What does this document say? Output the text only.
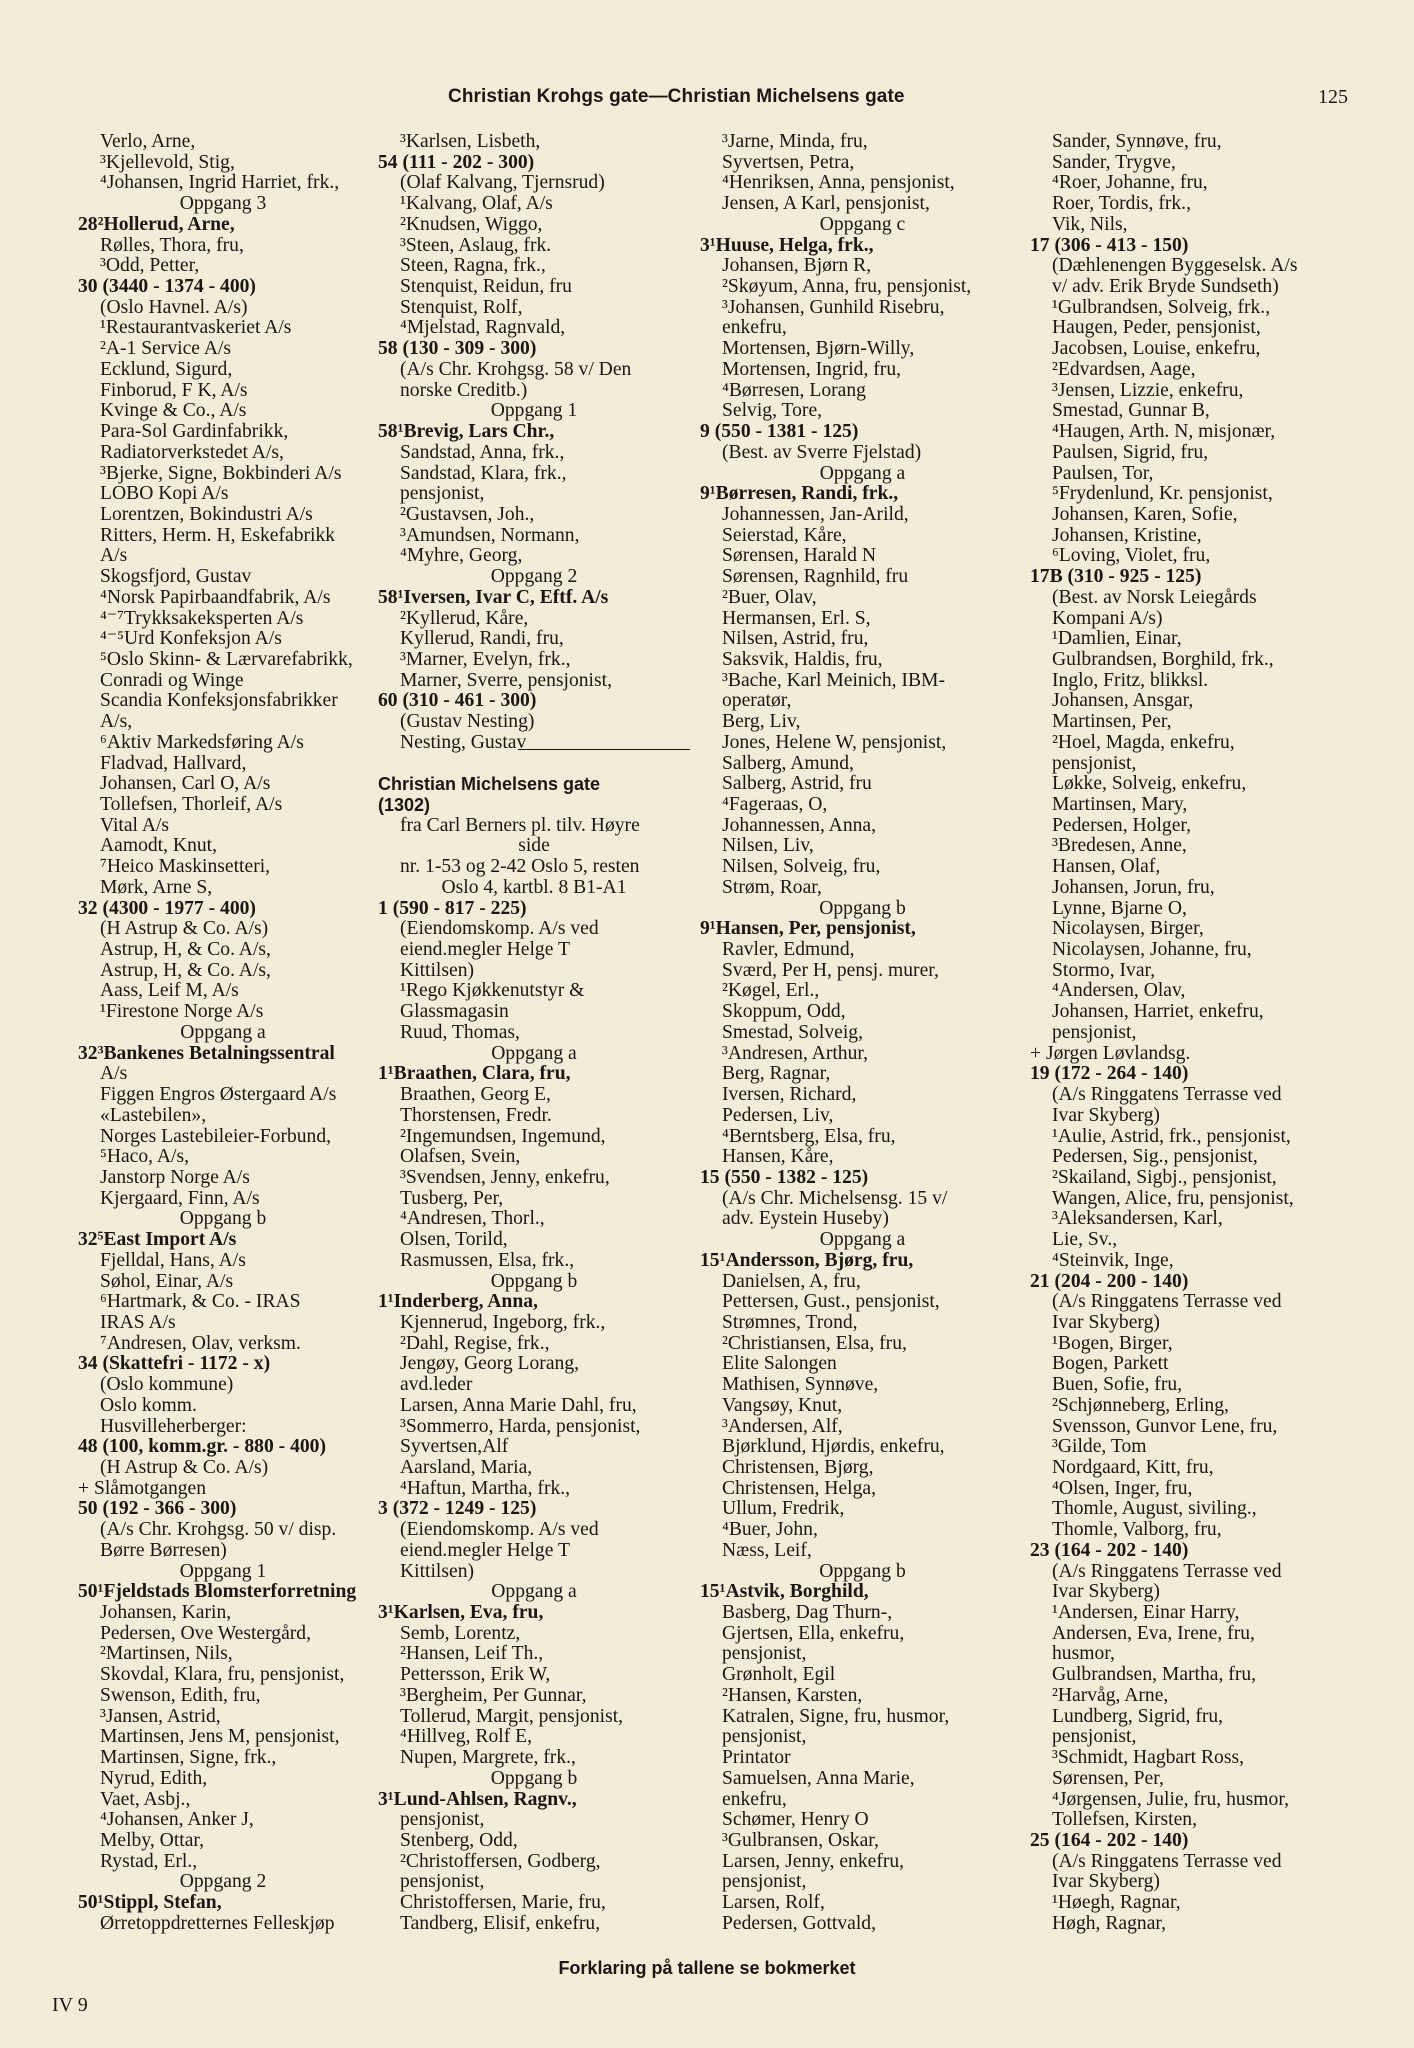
Christian Krohgs gate—Christian Michelsens gate	125
Verlo, Arne,
³Kjellevold, Stig,
⁴Johansen, Ingrid Harriet, frk.,
Oppgang 3
28²Hollerud, Arne,
Rølles, Thora, fru,
³Odd, Petter,
30 (3440 - 1374 - 400)
(Oslo Havnel. A/s)
¹Restaurantvaskeriet A/s
²A-1 Service A/s
Ecklund, Sigurd,
Finborud, F K, A/s
Kvinge & Co., A/s
Para-Sol Gardinfabrikk,
Radiatorverkstedet A/s,
³Bjerke, Signe, Bokbinderi A/s
LOBO Kopi A/s
Lorentzen, Bokindustri A/s
Ritters, Herm. H, Eskefabrikk
A/s
Skogsfjord, Gustav
⁴Norsk Papirbaandfabrik, A/s
⁴⁻⁷Trykksakeksperten A/s
⁴⁻⁵Urd Konfeksjon A/s
⁵Oslo Skinn- & Lærvarefabrikk,
Conradi og Winge
Scandia Konfeksjonsfabrikker
A/s,
⁶Aktiv Markedsføring A/s
Fladvad, Hallvard,
Johansen, Carl O, A/s
Tollefsen, Thorleif, A/s
Vital A/s
Aamodt, Knut,
⁷Heico Maskinsetteri,
Mørk, Arne S,
32 (4300 - 1977 - 400)
(H Astrup & Co. A/s)
Astrup, H, & Co. A/s,
Astrup, H, & Co. A/s,
Aass, Leif M, A/s
¹Firestone Norge A/s
Oppgang a
32³Bankenes Betalningssentral
A/s
Figgen Engros Østergaard A/s
«Lastebilen»,
Norges Lastebileier-Forbund,
⁵Haco, A/s,
Janstorp Norge A/s
Kjergaard, Finn, A/s
Oppgang b
32⁵East Import A/s
Fjelldal, Hans, A/s
Søhol, Einar, A/s
⁶Hartmark, & Co. - IRAS
IRAS A/s
⁷Andresen, Olav, verksm.
34 (Skattefri - 1172 - x)
(Oslo kommune)
Oslo komm.
Husvilleherberger:
48 (100, komm.gr. - 880 - 400)
(H Astrup & Co. A/s)
+ Slåmotgangen
50 (192 - 366 - 300)
(A/s Chr. Krohgsg. 50 v/ disp.
Børre Børresen)
Oppgang 1
50¹Fjeldstads Blomsterforretning
Johansen, Karin,
Pedersen, Ove Westergård,
²Martinsen, Nils,
Skovdal, Klara, fru, pensjonist,
Swenson, Edith, fru,
³Jansen, Astrid,
Martinsen, Jens M, pensjonist,
Martinsen, Signe, frk.,
Nyrud, Edith,
Vaet, Asbj.,
⁴Johansen, Anker J,
Melby, Ottar,
Rystad, Erl.,
Oppgang 2
50¹Stippl, Stefan,
Ørretoppdretternes Felleskjøp
³Karlsen, Lisbeth,
54 (111 - 202 - 300)
(Olaf Kalvang, Tjernsrud)
¹Kalvang, Olaf, A/s
²Knudsen, Wiggo,
³Steen, Aslaug, frk.
Steen, Ragna, frk.,
Stenquist, Reidun, fru
Stenquist, Rolf,
⁴Mjelstad, Ragnvald,
58 (130 - 309 - 300)
(A/s Chr. Krohgsg. 58 v/ Den
norske Creditb.)
Oppgang 1
58¹Brevig, Lars Chr.,
Sandstad, Anna, frk.,
Sandstad, Klara, frk.,
pensjonist,
²Gustavsen, Joh.,
³Amundsen, Normann,
⁴Myhre, Georg,
Oppgang 2
58¹Iversen, Ivar C, Eftf. A/s
²Kyllerud, Kåre,
Kyllerud, Randi, fru,
³Marner, Evelyn, frk.,
Marner, Sverre, pensjonist,
60 (310 - 461 - 300)
(Gustav Nesting)
Nesting, Gustav
Christian Michelsens gate
(1302)
fra Carl Berners pl. tilv. Høyre
side
nr. 1-53 og 2-42 Oslo 5, resten
Oslo 4, kartbl. 8 B1-A1
1 (590 - 817 - 225)
(Eiendomskomp. A/s ved
eiend.megler Helge T
Kittilsen)
¹Rego Kjøkkenutstyr &
Glassmagasin
Ruud, Thomas,
Oppgang a
1¹Braathen, Clara, fru,
Braathen, Georg E,
Thorstensen, Fredr.
²Ingemundsen, Ingemund,
Olafsen, Svein,
³Svendsen, Jenny, enkefru,
Tusberg, Per,
⁴Andresen, Thorl.,
Olsen, Torild,
Rasmussen, Elsa, frk.,
Oppgang b
1¹Inderberg, Anna,
Kjennerud, Ingeborg, frk.,
²Dahl, Regise, frk.,
Jengøy, Georg Lorang,
avd.leder
Larsen, Anna Marie Dahl, fru,
³Sommerro, Harda, pensjonist,
Syvertsen,Alf
Aarsland, Maria,
⁴Haftun, Martha, frk.,
3 (372 - 1249 - 125)
(Eiendomskomp. A/s ved
eiend.megler Helge T
Kittilsen)
Oppgang a
3¹Karlsen, Eva, fru,
Semb, Lorentz,
²Hansen, Leif Th.,
Pettersson, Erik W,
³Bergheim, Per Gunnar,
Tollerud, Margit, pensjonist,
⁴Hillveg, Rolf E,
Nupen, Margrete, frk.,
Oppgang b
3¹Lund-Ahlsen, Ragnv.,
pensjonist,
Stenberg, Odd,
²Christoffersen, Godberg,
pensjonist,
Christoffersen, Marie, fru,
Tandberg, Elisif, enkefru,
³Jarne, Minda, fru,
Syvertsen, Petra,
⁴Henriksen, Anna, pensjonist,
Jensen, A Karl, pensjonist,
Oppgang c
3¹Huuse, Helga, frk.,
Johansen, Bjørn R,
²Skøyum, Anna, fru, pensjonist,
³Johansen, Gunhild Risebru,
enkefru,
Mortensen, Bjørn-Willy,
Mortensen, Ingrid, fru,
⁴Børresen, Lorang
Selvig, Tore,
9 (550 - 1381 - 125)
(Best. av Sverre Fjelstad)
Oppgang a
9¹Børresen, Randi, frk.,
Johannessen, Jan-Arild,
Seierstad, Kåre,
Sørensen, Harald N
Sørensen, Ragnhild, fru
²Buer, Olav,
Hermansen, Erl. S,
Nilsen, Astrid, fru,
Saksvik, Haldis, fru,
³Bache, Karl Meinich, IBM-
operatør,
Berg, Liv,
Jones, Helene W, pensjonist,
Salberg, Amund,
Salberg, Astrid, fru
⁴Fageraas, O,
Johannessen, Anna,
Nilsen, Liv,
Nilsen, Solveig, fru,
Strøm, Roar,
Oppgang b
9¹Hansen, Per, pensjonist,
Ravler, Edmund,
Sværd, Per H, pensj. murer,
²Køgel, Erl.,
Skoppum, Odd,
Smestad, Solveig,
³Andresen, Arthur,
Berg, Ragnar,
Iversen, Richard,
Pedersen, Liv,
⁴Berntsberg, Elsa, fru,
Hansen, Kåre,
15 (550 - 1382 - 125)
(A/s Chr. Michelsensg. 15 v/
adv. Eystein Huseby)
Oppgang a
15¹Andersson, Bjørg, fru,
Danielsen, A, fru,
Pettersen, Gust., pensjonist,
Strømnes, Trond,
²Christiansen, Elsa, fru,
Elite Salongen
Mathisen, Synnøve,
Vangsøy, Knut,
³Andersen, Alf,
Bjørklund, Hjørdis, enkefru,
Christensen, Bjørg,
Christensen, Helga,
Ullum, Fredrik,
⁴Buer, John,
Næss, Leif,
Oppgang b
15¹Astvik, Borghild,
Basberg, Dag Thurn-,
Gjertsen, Ella, enkefru,
pensjonist,
Grønholt, Egil
²Hansen, Karsten,
Katralen, Signe, fru, husmor,
pensjonist,
Printator
Samuelsen, Anna Marie,
enkefru,
Schømer, Henry O
³Gulbransen, Oskar,
Larsen, Jenny, enkefru,
pensjonist,
Larsen, Rolf,
Pedersen, Gottvald,
Sander, Synnøve, fru,
Sander, Trygve,
⁴Roer, Johanne, fru,
Roer, Tordis, frk.,
Vik, Nils,
17 (306 - 413 - 150)
(Dæhlenengen Byggeselsk. A/s
v/ adv. Erik Bryde Sundseth)
¹Gulbrandsen, Solveig, frk.,
Haugen, Peder, pensjonist,
Jacobsen, Louise, enkefru,
²Edvardsen, Aage,
³Jensen, Lizzie, enkefru,
Smestad, Gunnar B,
⁴Haugen, Arth. N, misjonær,
Paulsen, Sigrid, fru,
Paulsen, Tor,
⁵Frydenlund, Kr. pensjonist,
Johansen, Karen, Sofie,
Johansen, Kristine,
⁶Loving, Violet, fru,
17B (310 - 925 - 125)
(Best. av Norsk Leiegårds
Kompani A/s)
¹Damlien, Einar,
Gulbrandsen, Borghild, frk.,
Inglo, Fritz, blikksl.
Johansen, Ansgar,
Martinsen, Per,
²Hoel, Magda, enkefru,
pensjonist,
Løkke, Solveig, enkefru,
Martinsen, Mary,
Pedersen, Holger,
³Bredesen, Anne,
Hansen, Olaf,
Johansen, Jorun, fru,
Lynne, Bjarne O,
Nicolaysen, Birger,
Nicolaysen, Johanne, fru,
Stormo, Ivar,
⁴Andersen, Olav,
Johansen, Harriet, enkefru,
pensjonist,
+ Jørgen Løvlandsg.
19 (172 - 264 - 140)
(A/s Ringgatens Terrasse ved
Ivar Skyberg)
¹Aulie, Astrid, frk., pensjonist,
Pedersen, Sig., pensjonist,
²Skailand, Sigbj., pensjonist,
Wangen, Alice, fru, pensjonist,
³Aleksandersen, Karl,
Lie, Sv.,
⁴Steinvik, Inge,
21 (204 - 200 - 140)
(A/s Ringgatens Terrasse ved
Ivar Skyberg)
¹Bogen, Birger,
Bogen, Parkett
Buen, Sofie, fru,
²Schjønneberg, Erling,
Svensson, Gunvor Lene, fru,
³Gilde, Tom
Nordgaard, Kitt, fru,
⁴Olsen, Inger, fru,
Thomle, August, siviling.,
Thomle, Valborg, fru,
23 (164 - 202 - 140)
(A/s Ringgatens Terrasse ved
Ivar Skyberg)
¹Andersen, Einar Harry,
Andersen, Eva, Irene, fru,
husmor,
Gulbrandsen, Martha, fru,
²Harvåg, Arne,
Lundberg, Sigrid, fru,
pensjonist,
³Schmidt, Hagbart Ross,
Sørensen, Per,
⁴Jørgensen, Julie, fru, husmor,
Tollefsen, Kirsten,
25 (164 - 202 - 140)
(A/s Ringgatens Terrasse ved
Ivar Skyberg)
¹Høegh, Ragnar,
Høgh, Ragnar,
Forklaring på tallene se bokmerket
IV 9
